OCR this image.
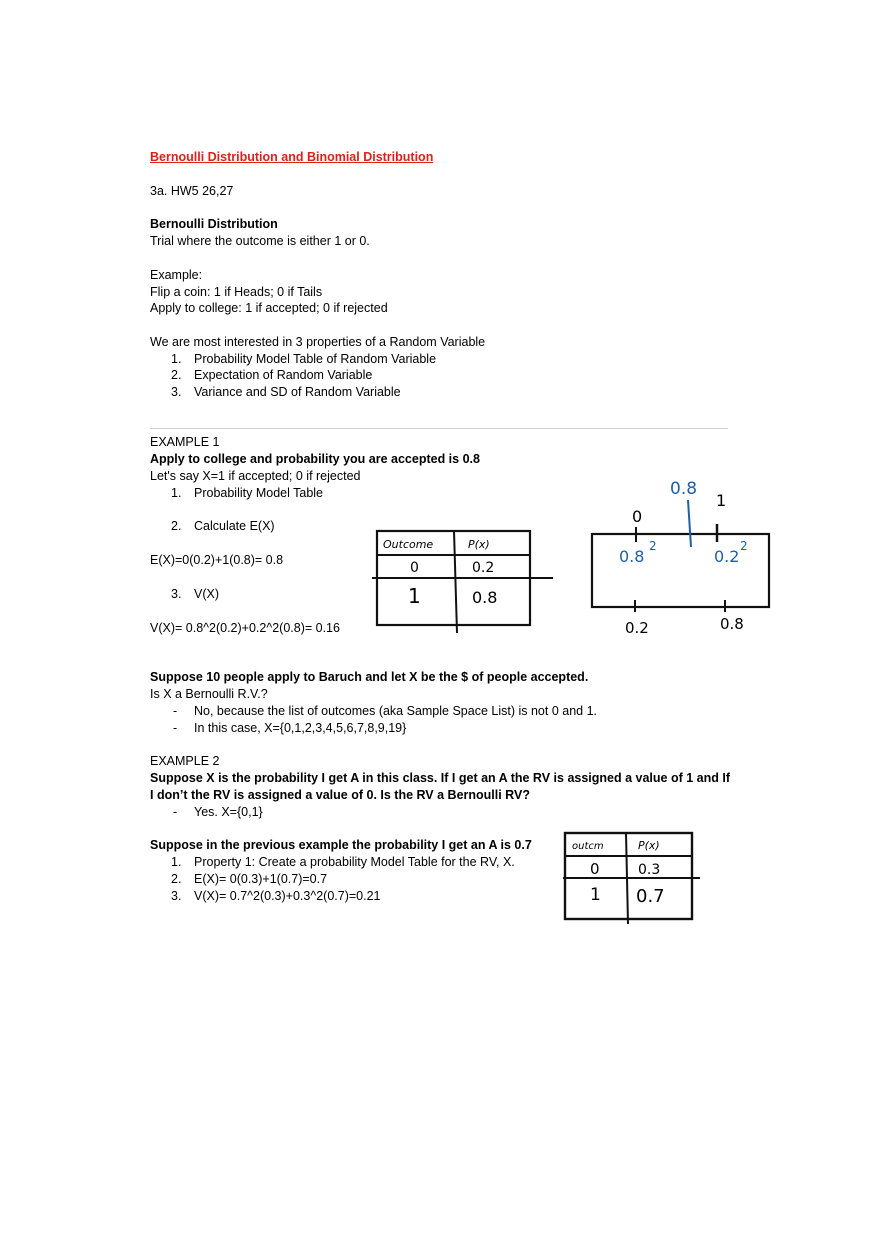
Bernoulli Distribution and Binomial Distribution
3a. HW5 26,27
Bernoulli Distribution
Trial where the outcome is either 1 or 0.
Example:
Flip a coin: 1 if Heads; 0 if Tails
Apply to college: 1 if accepted; 0 if rejected
We are most interested in 3 properties of a Random Variable
1. Probability Model Table of Random Variable
2. Expectation of Random Variable
3. Variance and SD of Random Variable
EXAMPLE 1
Apply to college and probability you are accepted is 0.8
Let's say X=1 if accepted; 0 if rejected
1. Probability Model Table
2. Calculate E(X)
E(X)=0(0.2)+1(0.8)= 0.8
3. V(X)
V(X)= 0.8^2(0.2)+0.2^2(0.8)= 0.16
Outcome	P(x)
0	0.2
1	0.8
0.8
0
1
0.8
2
0.2
2
0.2	0.8
Suppose 10 people apply to Baruch and let X be the $ of people accepted.
Is X a Bernoulli R.V.?
- No, because the list of outcomes (aka Sample Space List) is not 0 and 1.
- In this case, X={0,1,2,3,4,5,6,7,8,9,19}
EXAMPLE 2
Suppose X is the probability I get A in this class. If I get an A the RV is assigned a value of 1 and If
I don’t the RV is assigned a value of 0. Is the RV a Bernoulli RV?
- Yes. X={0,1}
Suppose in the previous example the probability I get an A is 0.7
1. Property 1: Create a probability Model Table for the RV, X.
2. E(X)= 0(0.3)+1(0.7)=0.7
3. V(X)= 0.7^2(0.3)+0.3^2(0.7)=0.21
outcm	P(x)
0	0.3
1 0.7
